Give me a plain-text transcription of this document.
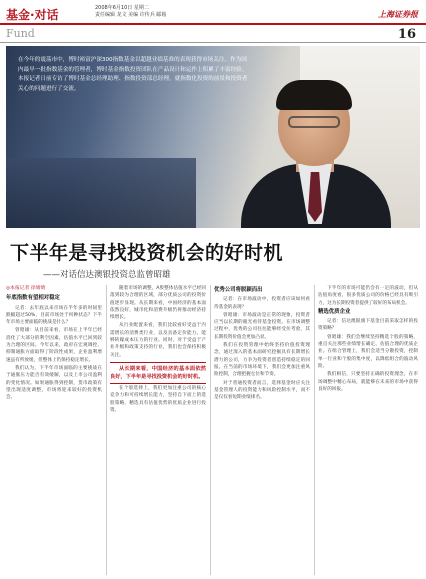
基金·对话	2008年6月10日 星期二
责任编辑 龙文 美编 许传兵 邮箱	上海证券报
Fund	16
在今年的震荡市中，博时裕富沪深300指数基金以超越业绩基准的表现获得市场关注。作为国内最早一批指数基金的管理者，博时基金指数投资团队在产品设计和运作上积累了丰富经验。本报记者日前专访了博时基金总经理助理、指数投资部总经理，就指数化投资的前景和投资者关心的问题进行了交流。
下半年是寻找投资机会的好时机
——对话信达澳银投资总监曾昭雄

◎本报记者 徐婧婧

年底指数有望相对稳定

记者：去年底以来市场在半年多的时间里跌幅超过50%，目前市场处于何种状态？下半年市场主要面临的挑战是什么？

曾昭雄：从目前来看，市场在上半年已经消化了大部分的利空因素，估值水平已回到较为合理的区间。今年以来，政府在宏观调控、抑制通胀方面取得了阶段性成果，企业盈利增速虽有所放缓，但整体上仍保持稳定增长。

我们认为，下半年市场面临的主要挑战在于通胀压力能否有效缓解，以及上市公司盈利的变化情况。如果通胀得到控制，货币政策有望出现适度调整，市场将迎来较好的投资机会。

随着市场的调整，A股整体估值水平已经回落到较为合理的区域，部分优质公司的投资价值逐步显现。从长期来看，中国经济的基本面依然良好，城市化和消费升级仍将推动经济持续增长。

从行业配置来看，我们比较看好受益于内需增长的消费类行业，以及具备定价能力、能够转嫁成本压力的行业。同时，对于受益于产业升级和政策支持的行业，我们也会保持积极关注。

从长期来看，中国经济的基本面依然良好，下半年是寻找投资机会的好时机。

在个股选择上，我们更加注重公司的核心竞争力和可持续增长能力，坚持自下而上的选股策略，精选具有估值优势的优质企业进行投资。

优秀公司将脱颖而出

记者：在市场波动中，投资者应该如何看待基金的表现？

曾昭雄：市场波动是正常的现象，投资者应当以长期的眼光看待基金投资。在市场调整过程中，优秀的公司往往能够经受住考验，其长期投资价值会更加凸显。

我们在投资管理中始终坚持价值投资理念，通过深入的基本面研究挖掘具有长期增长潜力的公司，力争为投资者创造持续稳定的回报。在当前的市场环境下，我们会更加注重风险控制，合理把握仓位和节奏。

对于普通投资者而言，选择基金时应关注基金管理人的投资能力和风险控制水平，而不是仅仅看短期业绩排名。

下半年的市场可能仍会有一定的波动，但从估值角度看，很多优质公司的价格已经具有吸引力，这为长期投资者提供了较好的布局机会。

精选优质企业

记者：信达澳银旗下基金目前采取怎样的投资策略？

曾昭雄：我们会继续坚持精选个股的策略，重点关注那些业绩增长确定、估值合理的优质企业。在组合管理上，我们会适当分散投资，控制单一行业和个股的集中度，以降低组合的波动风险。

我们相信，只要坚持正确的投资理念，在市场调整中精心布局，就能够在未来的市场中获得良好的回报。
